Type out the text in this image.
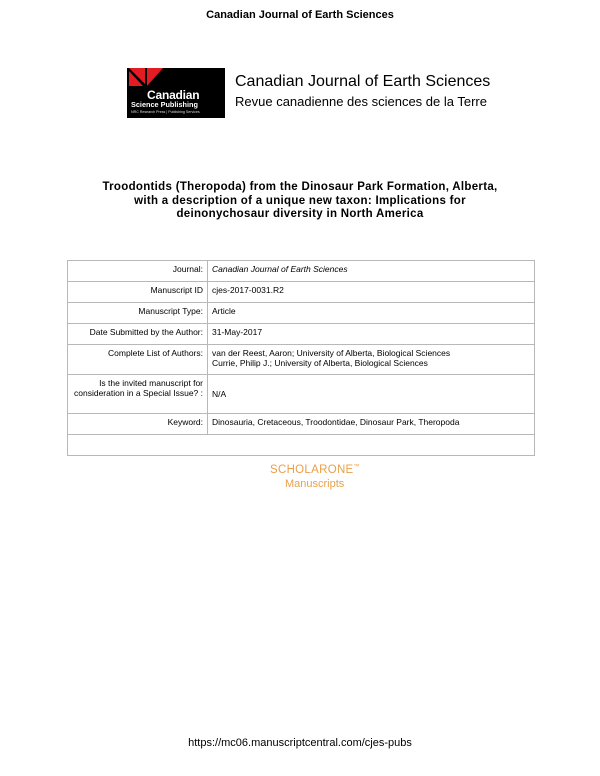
Canadian Journal of Earth Sciences
Canadian
Science Publishing
NRC Research Press | Publishing Services
Canadian Journal of Earth Sciences
Revue canadienne des sciences de la Terre
Troodontids (Theropoda) from the Dinosaur Park Formation, Alberta, with a description of a unique new taxon: Implications for deinonychosaur diversity in North America
Journal:	Canadian Journal of Earth Sciences
Manuscript ID	cjes-2017-0031.R2
Manuscript Type:	Article
Date Submitted by the Author:	31-May-2017
Complete List of Authors:	van der Reest, Aaron; University of Alberta, Biological Sciences
Currie, Philip J.; University of Alberta, Biological Sciences

Is the invited manuscript for consideration in a Special Issue? :	N/A
Keyword:	Dinosauria, Cretaceous, Troodontidae, Dinosaur Park, Theropoda

SCHOLARONE™
Manuscripts
https://mc06.manuscriptcentral.com/cjes-pubs
